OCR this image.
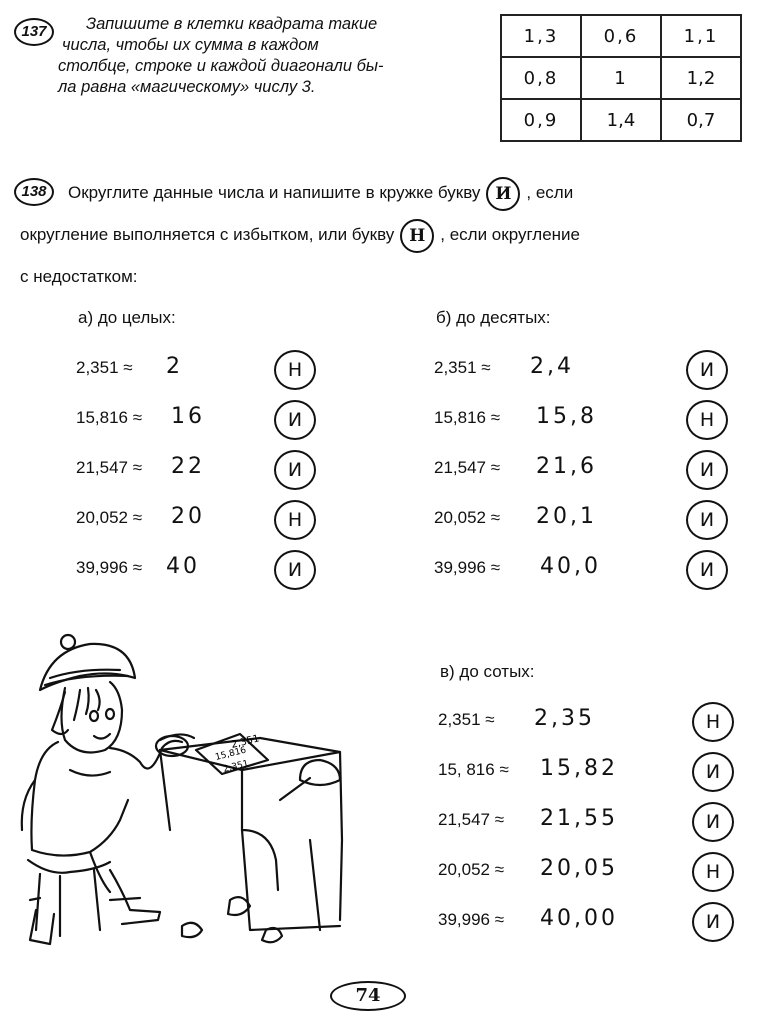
137	Запишите в клетки квадрата такие
числа, чтобы их сумма в каждом
столбце, строке и каждой диагонали бы-
ла равна «магическому» числу 3.
1,3	0,6	1,1
0,8	1	1,2
0,9	1,4	0,7
138	Округлите данные числа и напишите в кружке букву И , если
округление выполняется с избытком, или букву Н , если округление
с недостатком:
а) до целых:
2,351 ≈ 2	Н
15,816 ≈ 16	И
21,547 ≈ 22	И
20,052 ≈ 20	Н
39,996 ≈ 40	И
б) до десятых:
2,351 ≈ 2,4	И
15,816 ≈ 15,8	Н
21,547 ≈ 21,6	И
20,052 ≈ 20,1	И
39,996 ≈ 40,0	И
в) до сотых:
2,351 ≈ 2,35	Н
15, 816 ≈ 15,82	И
21,547 ≈ 21,55	И
20,052 ≈ 20,05	Н
39,996 ≈ 40,00	И
2,351
15,816
2,351
74
